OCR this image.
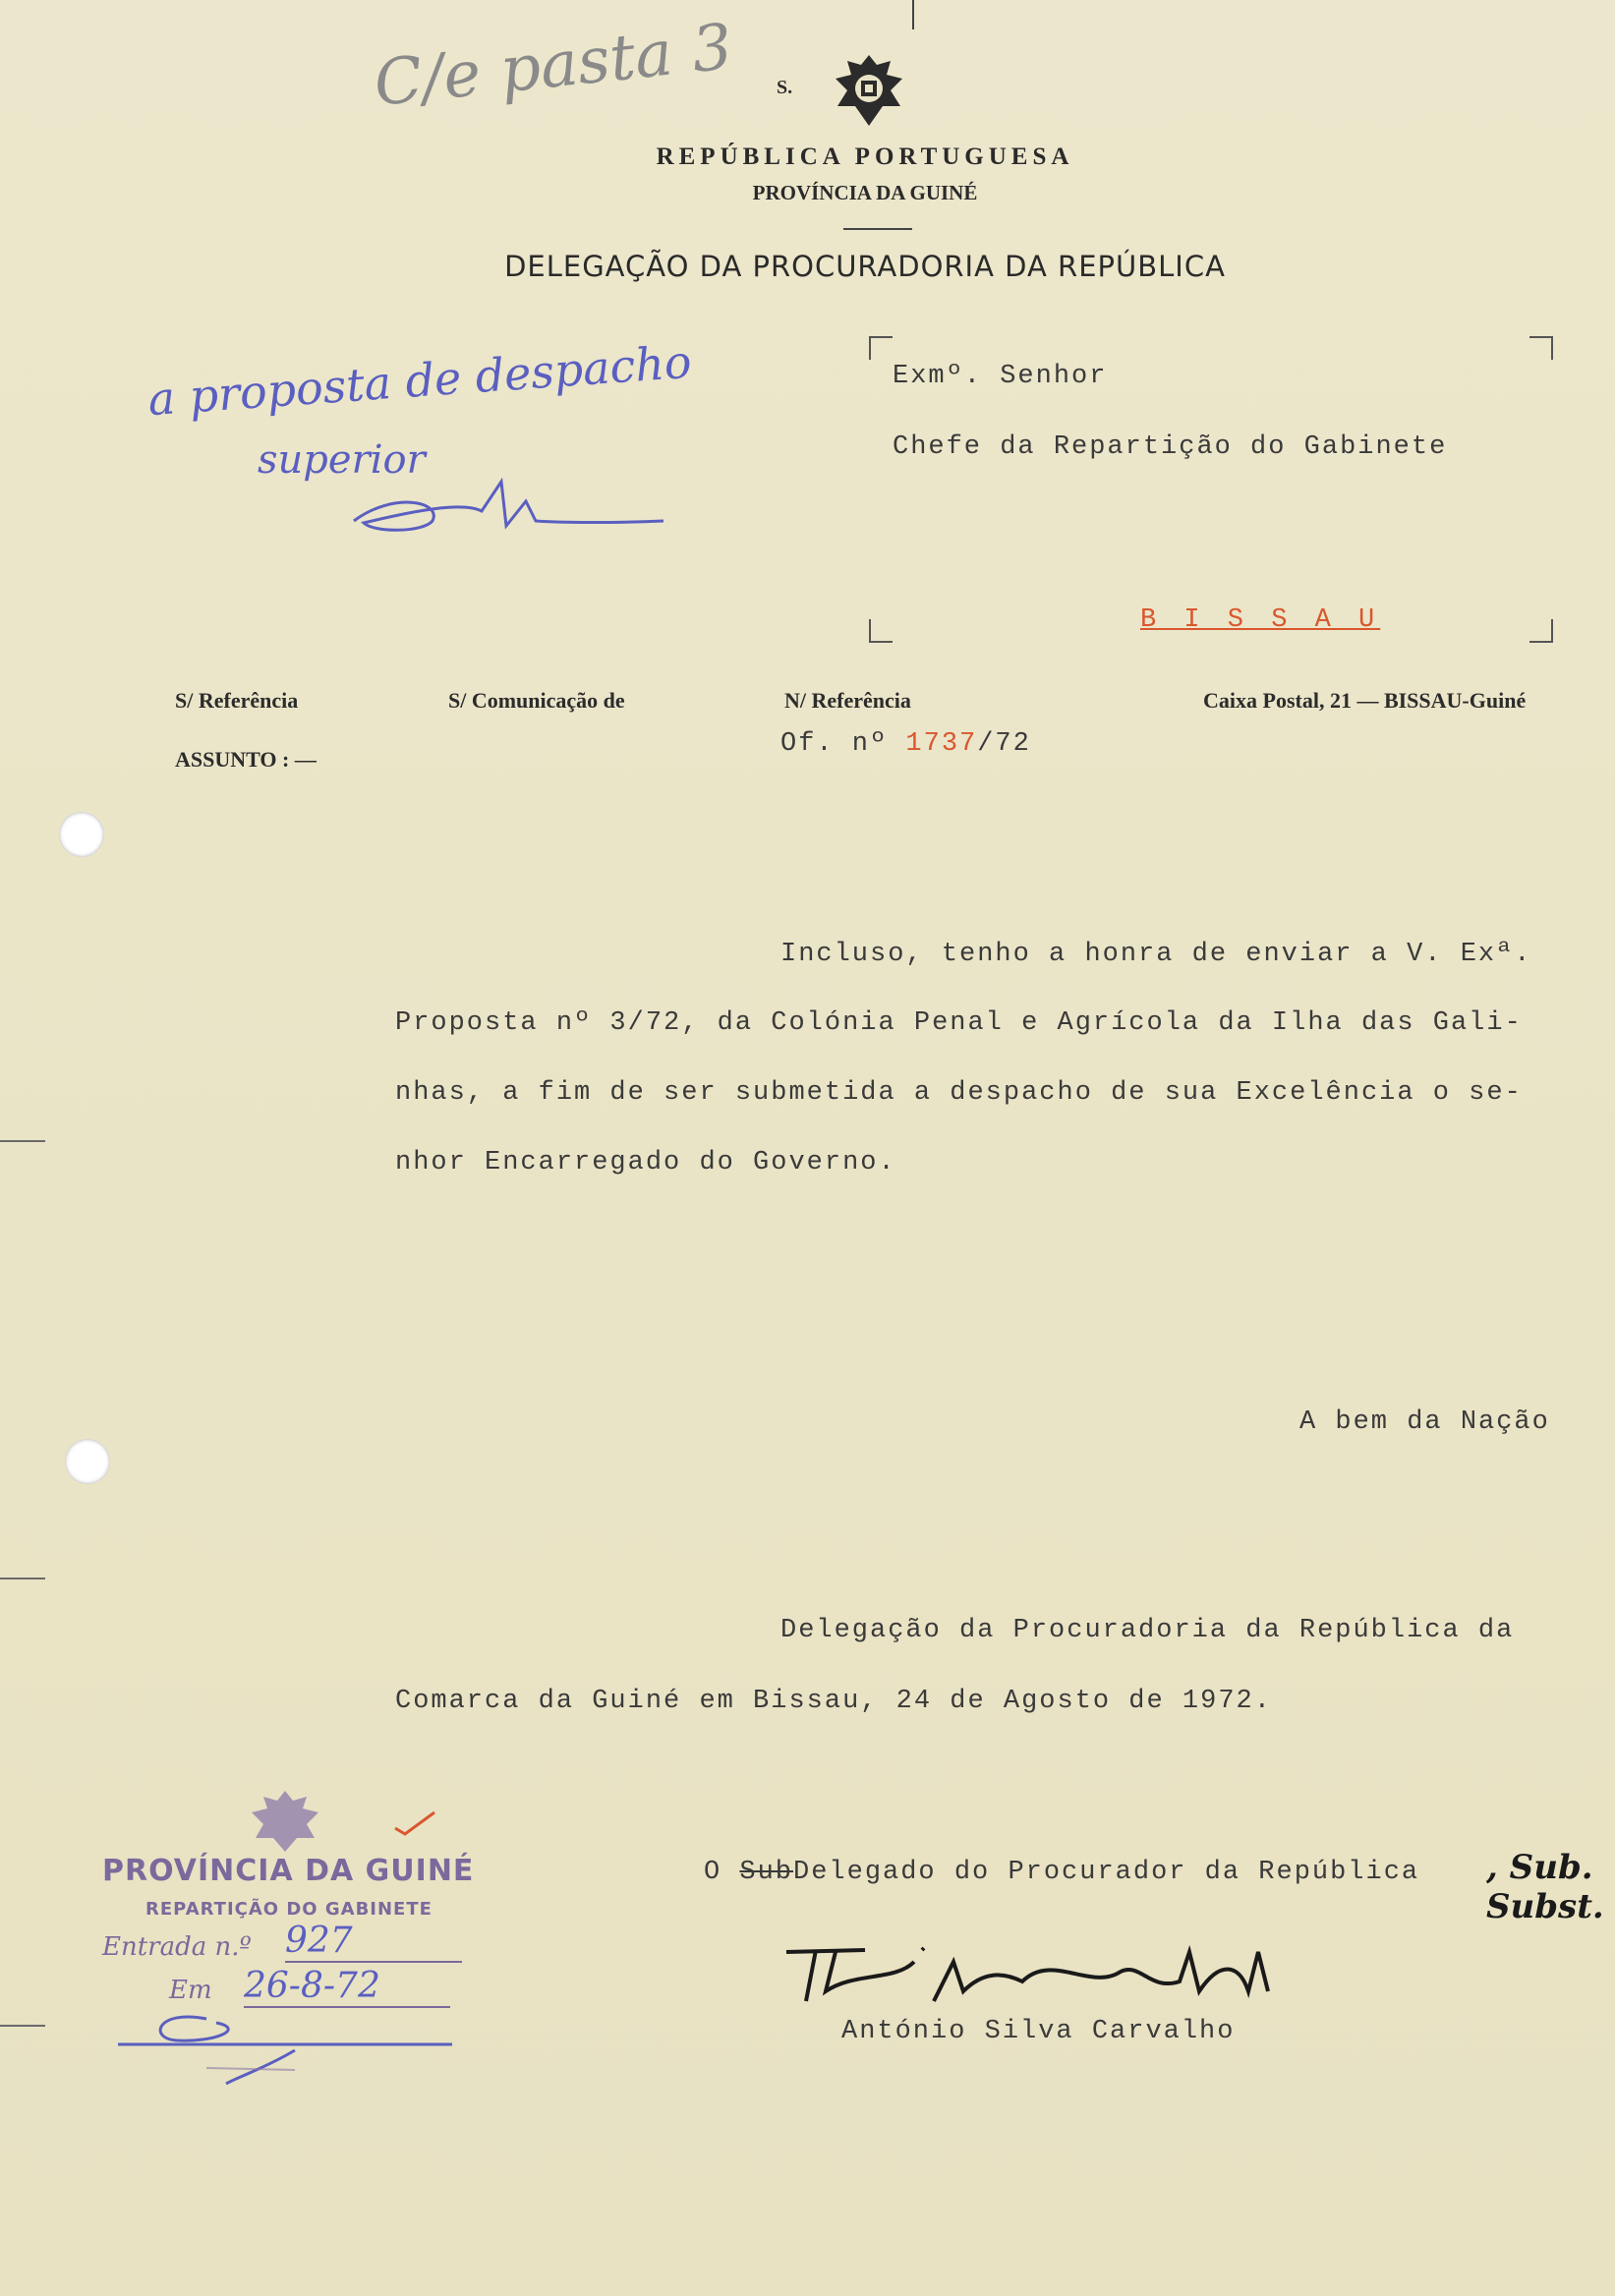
C/e pasta 3 S.
REPÚBLICA PORTUGUESA
PROVÍNCIA DA GUINÉ
DELEGAÇÃO DA PROCURADORIA DA REPÚBLICA
a proposta de despacho
superior
Exmº. Senhor
Chefe da Repartição do Gabinete
B I S S A U
S/ Referência	S/ Comunicação de	N/ Referência	Caixa Postal, 21 — BISSAU-Guiné
ASSUNTO : —
Of. nº 1737/72
Incluso, tenho a honra de enviar a V. Exª.
Proposta nº 3/72, da Colónia Penal e Agrícola da Ilha das Gali-
nhas, a fim de ser submetida a despacho de sua Excelência o se-
nhor Encarregado do Governo.
A bem da Nação
Delegação da Procuradoria da República da
Comarca da Guiné em Bissau, 24 de Agosto de 1972.
O SubDelegado do Procurador da República , Sub. Subst.
António Silva Carvalho
PROVÍNCIA DA GUINÉ
REPARTIÇÃO DO GABINETE
Entrada n.º 927
Em 26-8-72
